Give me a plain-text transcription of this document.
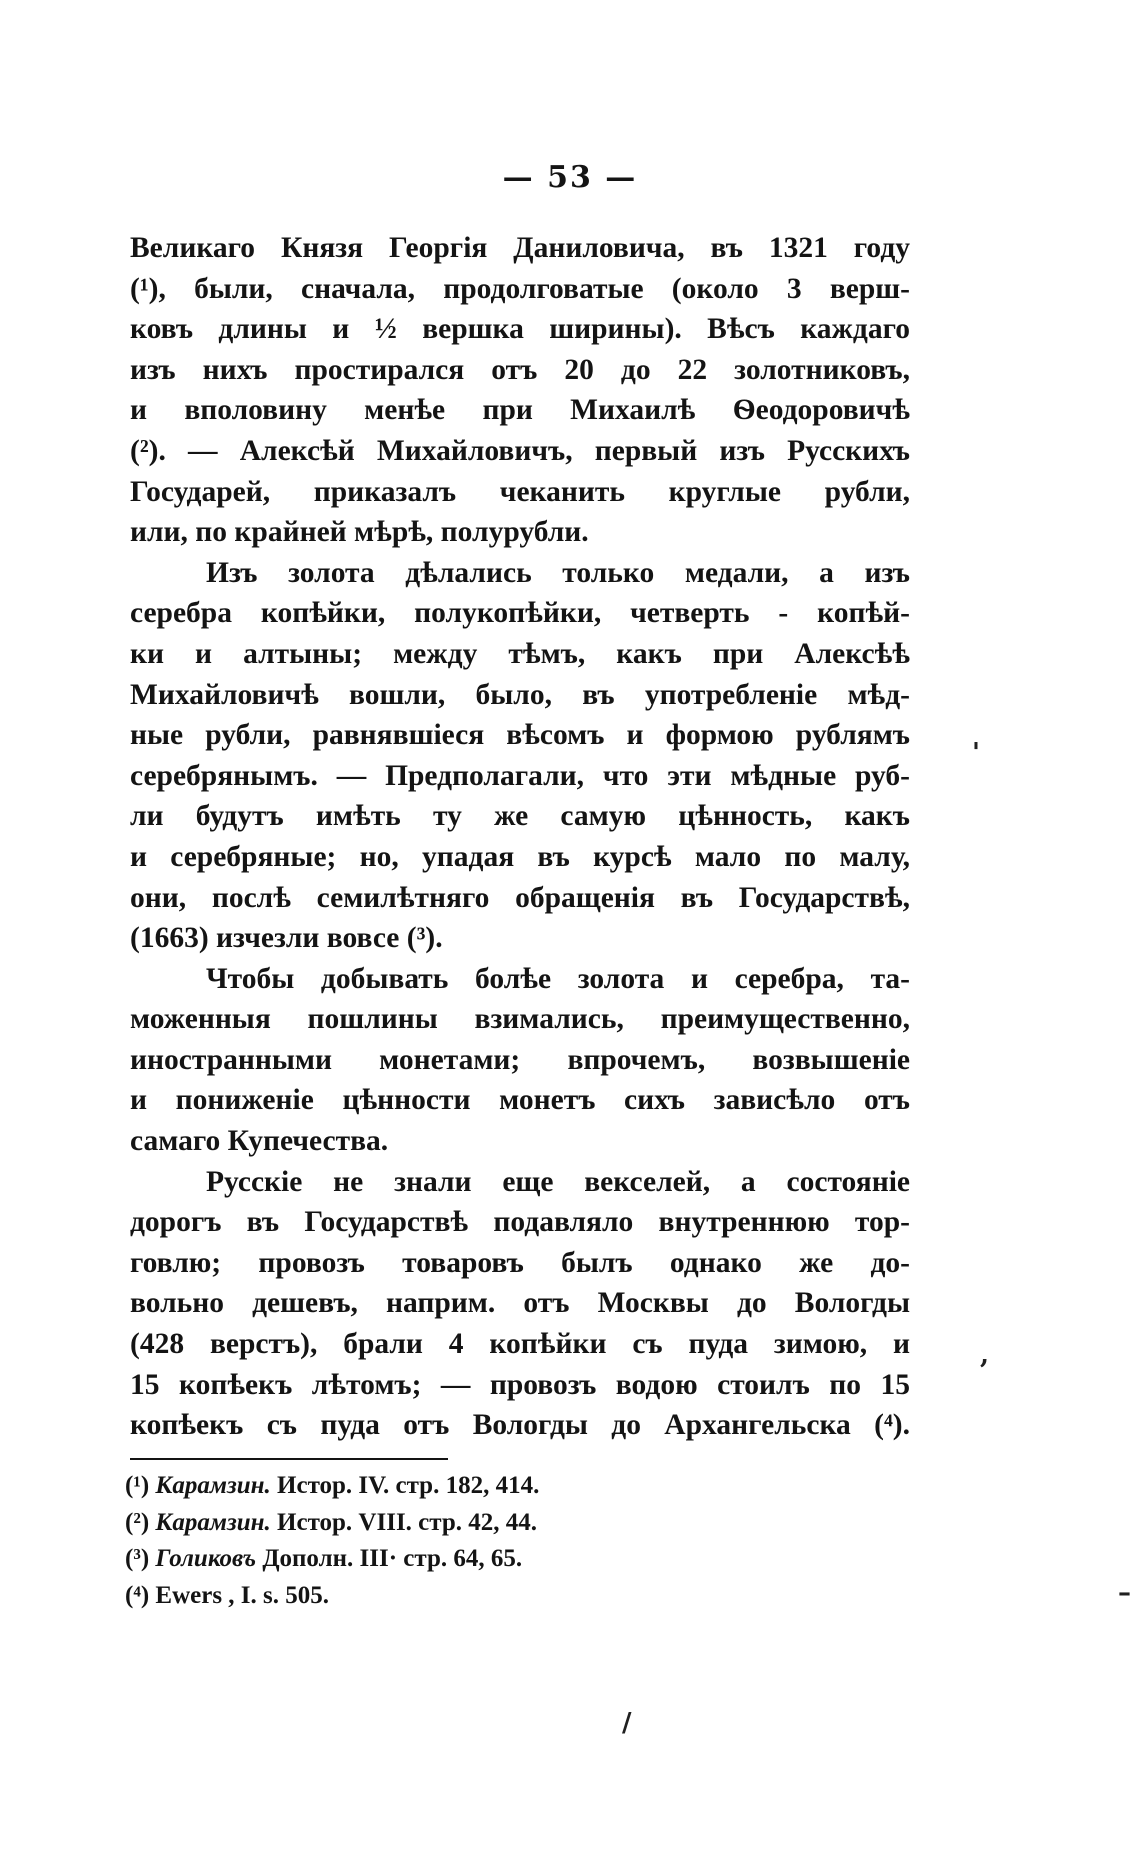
— 53 —
Великаго Князя Георгія Даниловича, въ 1321 году
(¹), были, сначала, продолговатые (около 3 верш-
ковъ длины и ½ вершка ширины). Вѣсъ каждаго
изъ нихъ простирался отъ 20 до 22 золотниковъ,
и вполовину менѣе при Михаилѣ Ѳеодоровичѣ
(²). — Алексѣй Михайловичъ, первый изъ Русскихъ
Государей, приказалъ чеканить круглые рубли,
или, по крайней мѣрѣ, полурубли.
Изъ золота дѣлались только медали, а изъ
серебра копѣйки, полукопѣйки, четверть - копѣй-
ки и алтыны; между тѣмъ, какъ при Алексѣѣ
Михайловичѣ вошли, было, въ употребленіе мѣд-
ные рубли, равнявшіеся вѣсомъ и формою рублямъ
серебрянымъ. — Предполагали, что эти мѣдные руб-
ли будутъ имѣть ту же самую цѣнность, какъ
и серебряные; но, упадая въ курсѣ мало по малу,
они, послѣ семилѣтняго обращенія въ Государствѣ,
(1663) изчезли вовсе (³).
Чтобы добывать болѣе золота и серебра, та-
моженныя пошлины взимались, преимущественно,
иностранными монетами; впрочемъ, возвышеніе
и пониженіе цѣнности монетъ сихъ зависѣло отъ
самаго Купечества.
Русскіе не знали еще векселей, а состояніе
дорогъ въ Государствѣ подавляло внутреннюю тор-
говлю; провозъ товаровъ былъ однако же до-
вольно дешевъ, наприм. отъ Москвы до Вологды
(428 верстъ), брали 4 копѣйки съ пуда зимою, и
15 копѣекъ лѣтомъ; — провозъ водою стоилъ по 15
копѣекъ съ пуда отъ Вологды до Архангельска (⁴).
(¹) Карамзин. Истор. IV. стр. 182, 414.
(²) Карамзин. Истор. VIII. стр. 42, 44.
(³) Голиковъ Дополн. III· стр. 64, 65.
(⁴) Ewers , I. s. 505.	–
'
,
/
